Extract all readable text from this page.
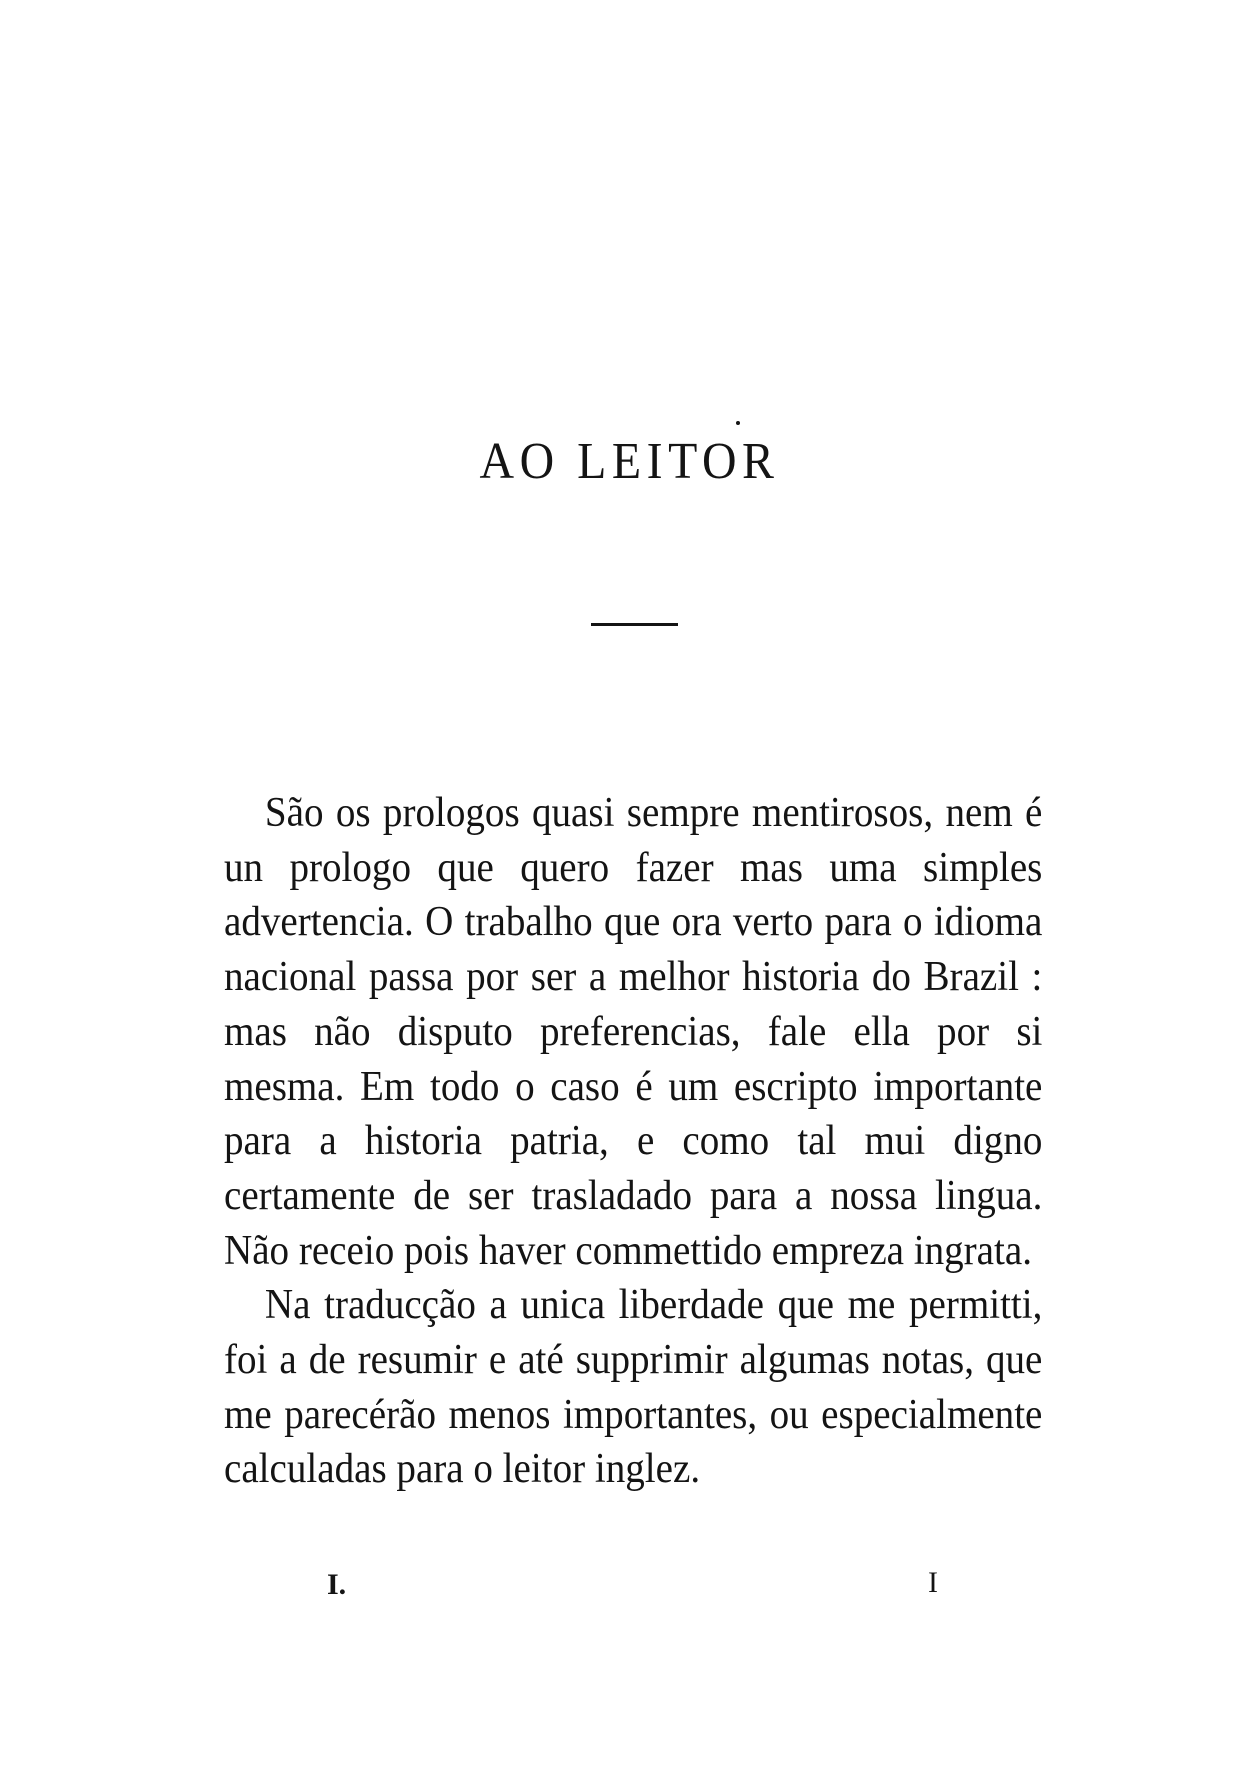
AO LEITOR

São os prologos quasi sempre mentirosos, nem é un prologo que quero fazer mas uma simples advertencia. O trabalho que ora verto para o idioma nacional passa por ser a melhor historia do Brazil : mas não disputo preferencias, fale ella por si mesma. Em todo o caso é um escripto importante para a historia patria, e como tal mui digno certamente de ser trasladado para a nossa lingua. Não receio pois haver commettido empreza ingrata.

Na traducção a unica liberdade que me permitti, foi a de resumir e até supprimir algumas notas, que me parecérão menos importantes, ou especialmente calculadas para o leitor inglez.

I.	I
